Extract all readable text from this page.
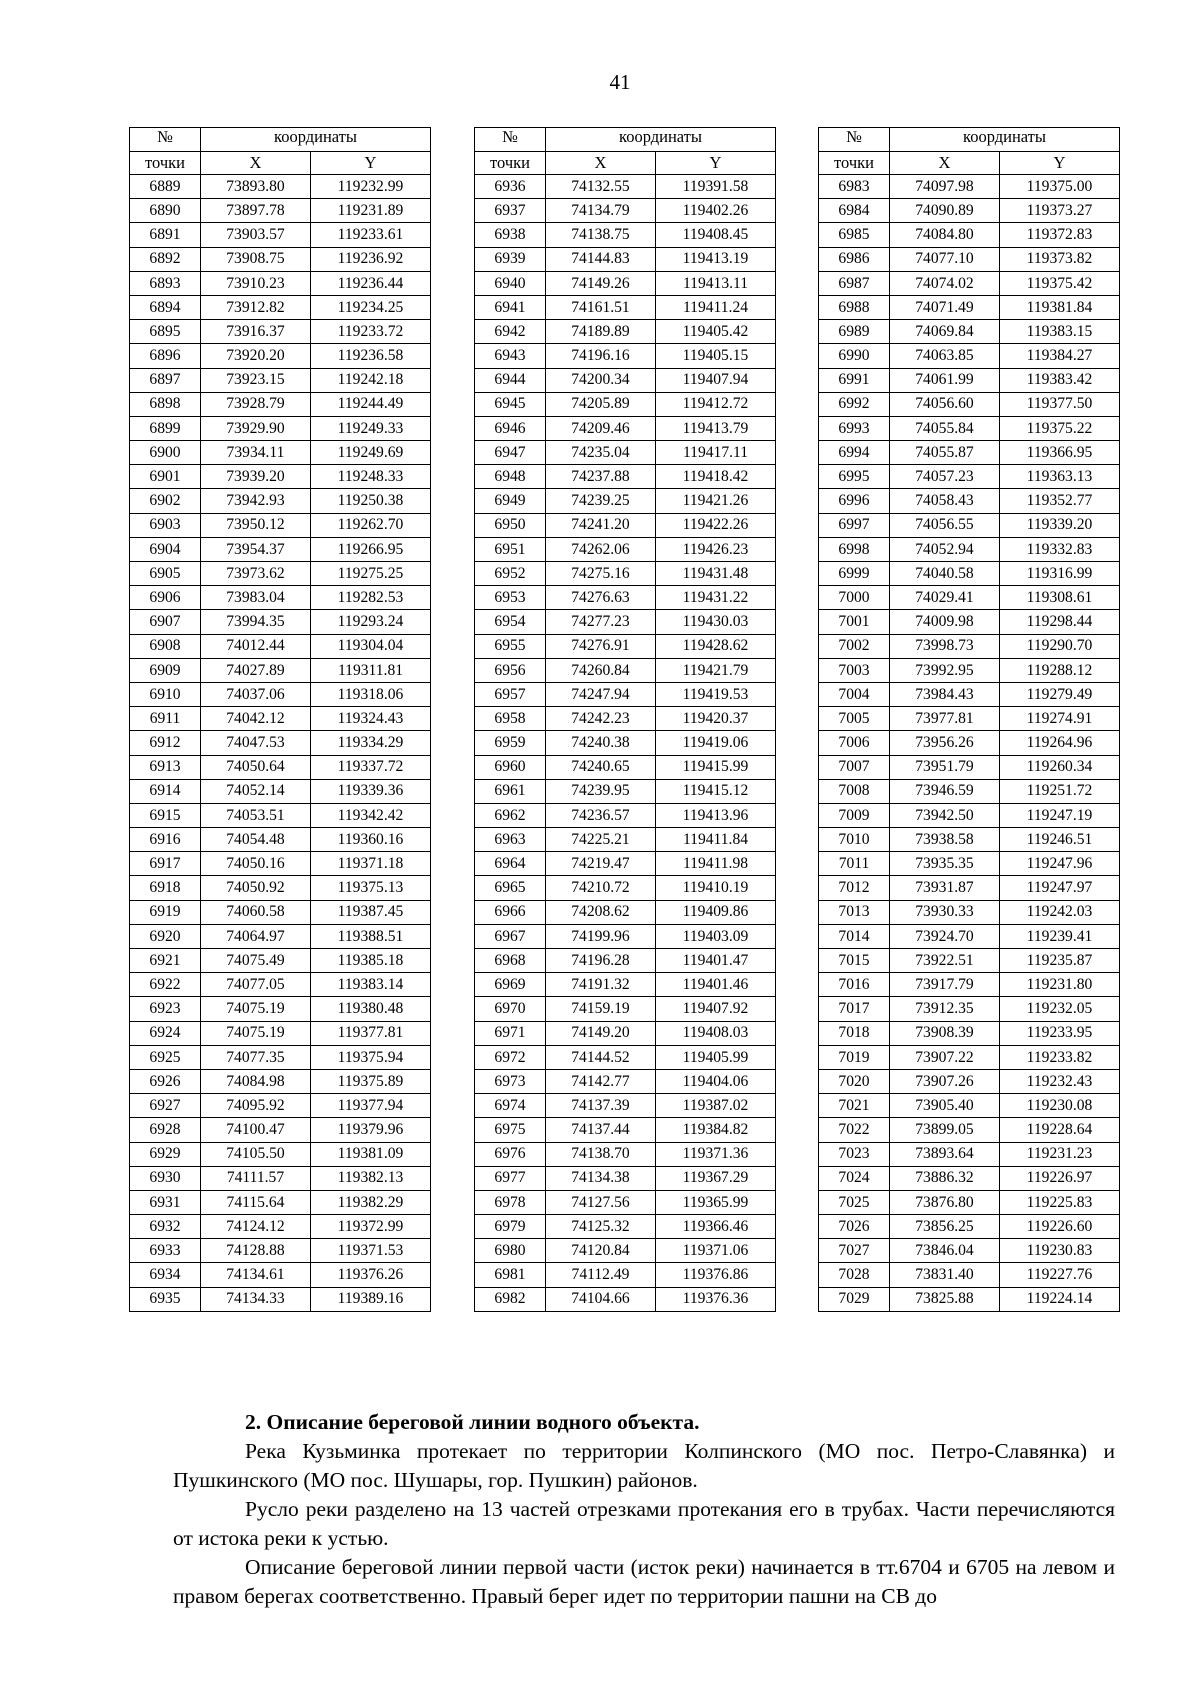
41
№	координаты	
точки	X	Y
6889	73893.80	119232.99
6890	73897.78	119231.89
6891	73903.57	119233.61
6892	73908.75	119236.92
6893	73910.23	119236.44
6894	73912.82	119234.25
6895	73916.37	119233.72
6896	73920.20	119236.58
6897	73923.15	119242.18
6898	73928.79	119244.49
6899	73929.90	119249.33
6900	73934.11	119249.69
6901	73939.20	119248.33
6902	73942.93	119250.38
6903	73950.12	119262.70
6904	73954.37	119266.95
6905	73973.62	119275.25
6906	73983.04	119282.53
6907	73994.35	119293.24
6908	74012.44	119304.04
6909	74027.89	119311.81
6910	74037.06	119318.06
6911	74042.12	119324.43
6912	74047.53	119334.29
6913	74050.64	119337.72
6914	74052.14	119339.36
6915	74053.51	119342.42
6916	74054.48	119360.16
6917	74050.16	119371.18
6918	74050.92	119375.13
6919	74060.58	119387.45
6920	74064.97	119388.51
6921	74075.49	119385.18
6922	74077.05	119383.14
6923	74075.19	119380.48
6924	74075.19	119377.81
6925	74077.35	119375.94
6926	74084.98	119375.89
6927	74095.92	119377.94
6928	74100.47	119379.96
6929	74105.50	119381.09
6930	74111.57	119382.13
6931	74115.64	119382.29
6932	74124.12	119372.99
6933	74128.88	119371.53
6934	74134.61	119376.26
6935	74134.33	119389.16
№	координаты	
точки	X	Y
6936	74132.55	119391.58
6937	74134.79	119402.26
6938	74138.75	119408.45
6939	74144.83	119413.19
6940	74149.26	119413.11
6941	74161.51	119411.24
6942	74189.89	119405.42
6943	74196.16	119405.15
6944	74200.34	119407.94
6945	74205.89	119412.72
6946	74209.46	119413.79
6947	74235.04	119417.11
6948	74237.88	119418.42
6949	74239.25	119421.26
6950	74241.20	119422.26
6951	74262.06	119426.23
6952	74275.16	119431.48
6953	74276.63	119431.22
6954	74277.23	119430.03
6955	74276.91	119428.62
6956	74260.84	119421.79
6957	74247.94	119419.53
6958	74242.23	119420.37
6959	74240.38	119419.06
6960	74240.65	119415.99
6961	74239.95	119415.12
6962	74236.57	119413.96
6963	74225.21	119411.84
6964	74219.47	119411.98
6965	74210.72	119410.19
6966	74208.62	119409.86
6967	74199.96	119403.09
6968	74196.28	119401.47
6969	74191.32	119401.46
6970	74159.19	119407.92
6971	74149.20	119408.03
6972	74144.52	119405.99
6973	74142.77	119404.06
6974	74137.39	119387.02
6975	74137.44	119384.82
6976	74138.70	119371.36
6977	74134.38	119367.29
6978	74127.56	119365.99
6979	74125.32	119366.46
6980	74120.84	119371.06
6981	74112.49	119376.86
6982	74104.66	119376.36
№	координаты	
точки	X	Y
6983	74097.98	119375.00
6984	74090.89	119373.27
6985	74084.80	119372.83
6986	74077.10	119373.82
6987	74074.02	119375.42
6988	74071.49	119381.84
6989	74069.84	119383.15
6990	74063.85	119384.27
6991	74061.99	119383.42
6992	74056.60	119377.50
6993	74055.84	119375.22
6994	74055.87	119366.95
6995	74057.23	119363.13
6996	74058.43	119352.77
6997	74056.55	119339.20
6998	74052.94	119332.83
6999	74040.58	119316.99
7000	74029.41	119308.61
7001	74009.98	119298.44
7002	73998.73	119290.70
7003	73992.95	119288.12
7004	73984.43	119279.49
7005	73977.81	119274.91
7006	73956.26	119264.96
7007	73951.79	119260.34
7008	73946.59	119251.72
7009	73942.50	119247.19
7010	73938.58	119246.51
7011	73935.35	119247.96
7012	73931.87	119247.97
7013	73930.33	119242.03
7014	73924.70	119239.41
7015	73922.51	119235.87
7016	73917.79	119231.80
7017	73912.35	119232.05
7018	73908.39	119233.95
7019	73907.22	119233.82
7020	73907.26	119232.43
7021	73905.40	119230.08
7022	73899.05	119228.64
7023	73893.64	119231.23
7024	73886.32	119226.97
7025	73876.80	119225.83
7026	73856.25	119226.60
7027	73846.04	119230.83
7028	73831.40	119227.76
7029	73825.88	119224.14
2. Описание береговой линии водного объекта.

Река Кузьминка протекает по территории Колпинского (МО пос. Петро-Славянка) и Пушкинского (МО пос. Шушары, гор. Пушкин) районов.

Русло реки разделено на 13 частей отрезками протекания его в трубах. Части перечисляются от истока реки к устью.

Описание береговой линии первой части (исток реки) начинается в тт.6704 и 6705 на левом и правом берегах соответственно. Правый берег идет по территории пашни на СВ до
